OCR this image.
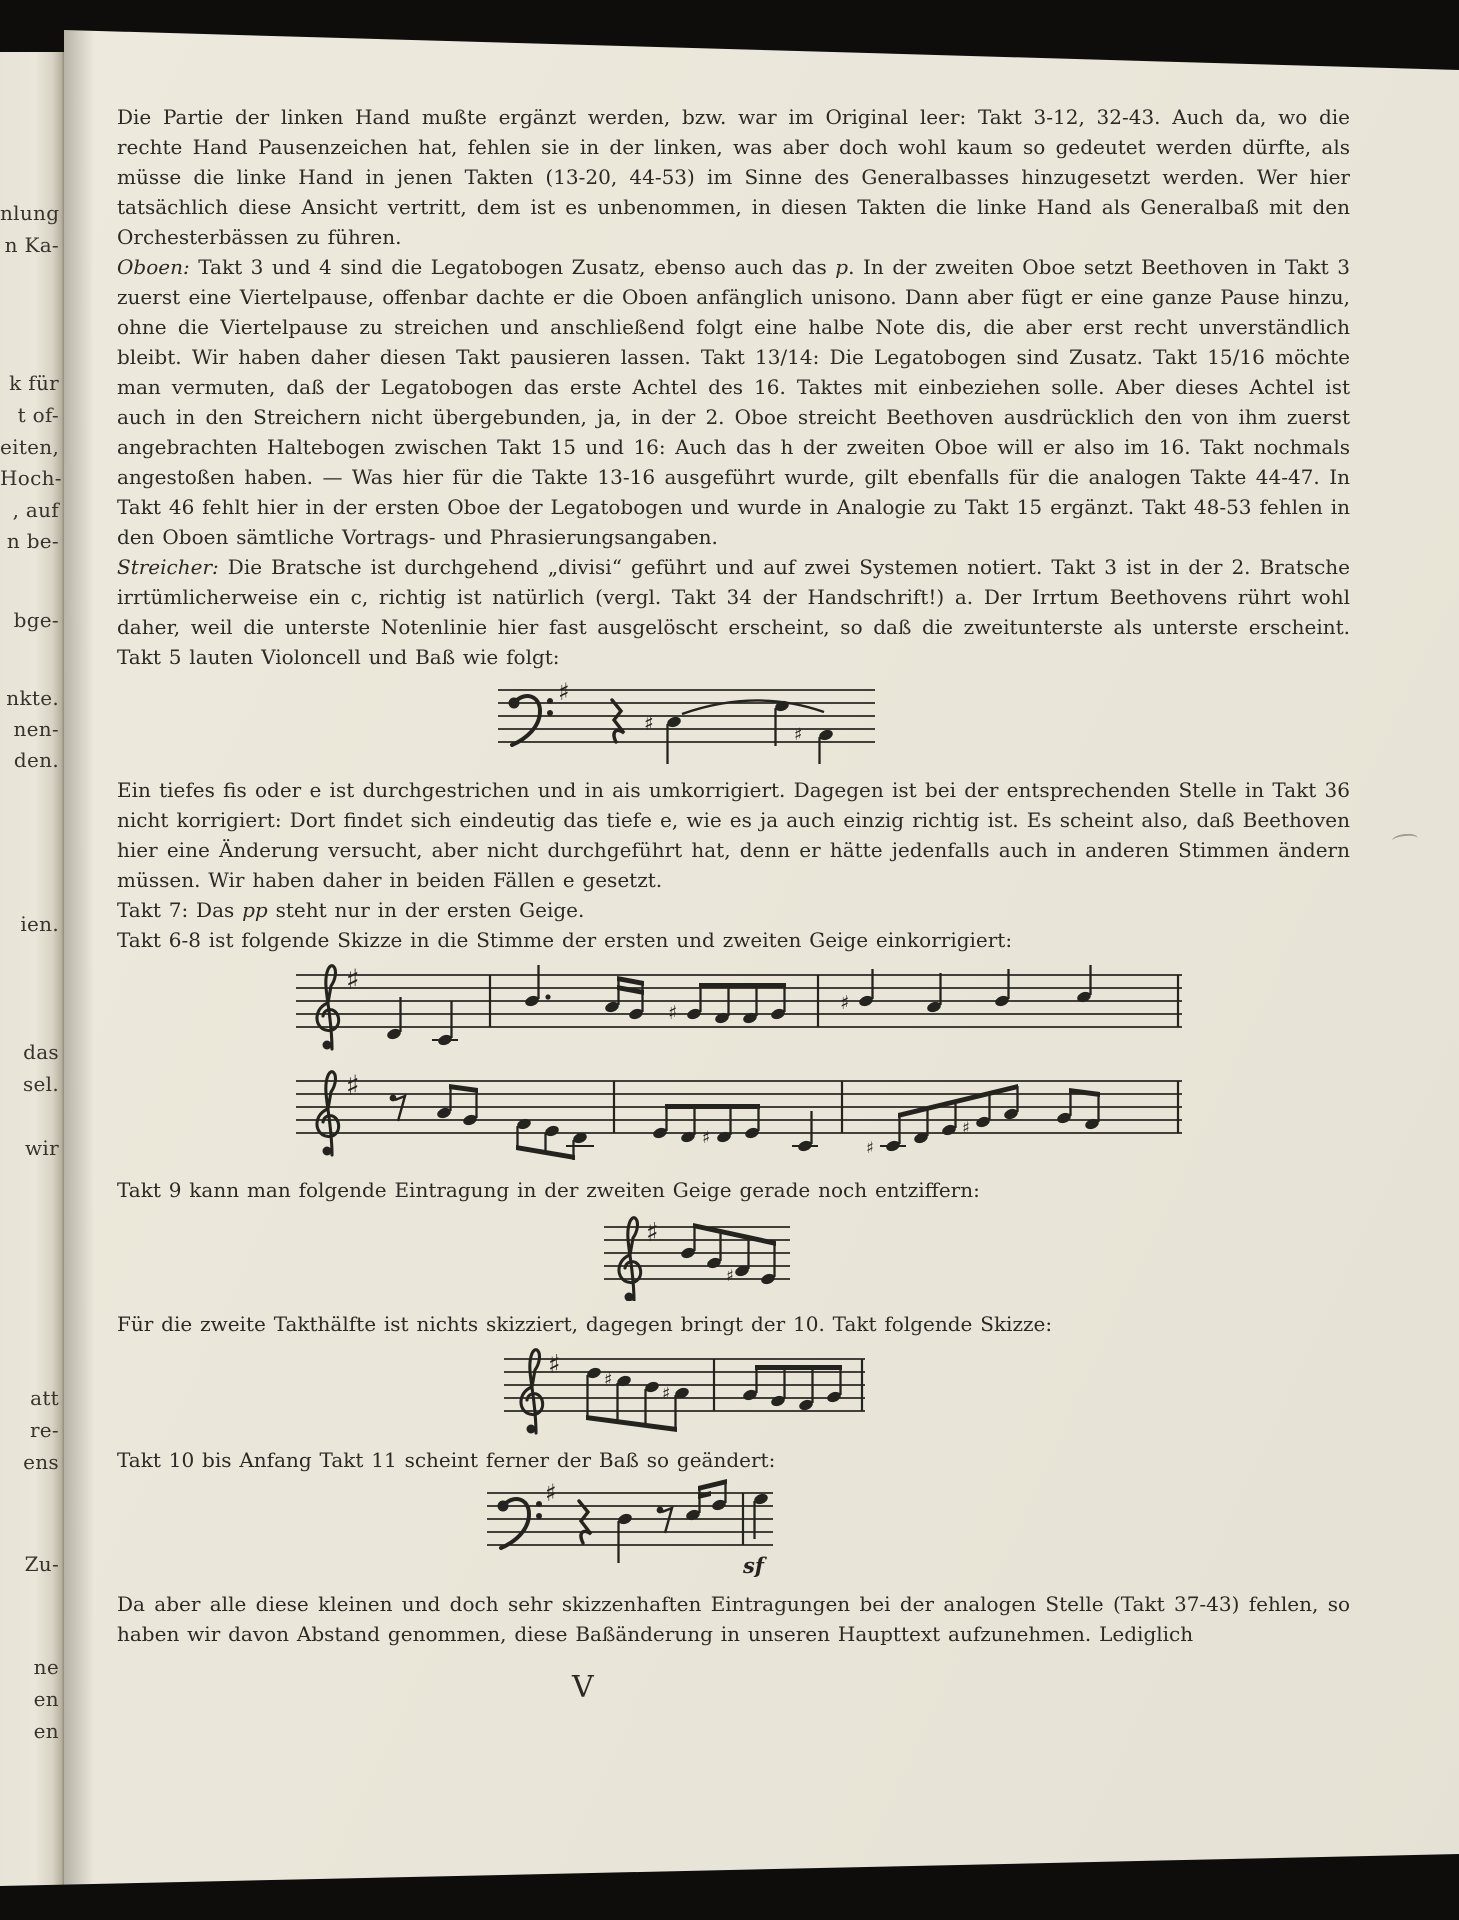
nlung
n Ka-
k für
t of-
eiten,
Hoch-
, auf
n be-
bge-
nkte.
nen-
den.
ien.
das
sel.
wir
att
re-
ens
Zu-
ne
en
en

Die Partie der linken Hand mußte ergänzt werden, bzw. war im Original leer: Takt 3-12, 32-43. Auch da, wo die rechte Hand Pausenzeichen hat, fehlen sie in der linken, was aber doch wohl kaum so gedeutet werden dürfte, als müsse die linke Hand in jenen Takten (13-20, 44-53) im Sinne des Generalbasses hinzugesetzt werden. Wer hier tatsächlich diese Ansicht vertritt, dem ist es unbenommen, in diesen Takten die linke Hand als Generalbaß mit den Orchesterbässen zu führen.

Oboen: Takt 3 und 4 sind die Legatobogen Zusatz, ebenso auch das p. In der zweiten Oboe setzt Beethoven in Takt 3 zuerst eine Viertelpause, offenbar dachte er die Oboen anfänglich unisono. Dann aber fügt er eine ganze Pause hinzu, ohne die Viertelpause zu streichen und anschließend folgt eine halbe Note dis, die aber erst recht unverständlich bleibt. Wir haben daher diesen Takt pausieren lassen. Takt 13/14: Die Legatobogen sind Zusatz. Takt 15/16 möchte man vermuten, daß der Legatobogen das erste Achtel des 16. Taktes mit einbeziehen solle. Aber dieses Achtel ist auch in den Streichern nicht übergebunden, ja, in der 2. Oboe streicht Beethoven ausdrücklich den von ihm zuerst angebrachten Haltebogen zwischen Takt 15 und 16: Auch das h der zweiten Oboe will er also im 16. Takt nochmals angestoßen haben. — Was hier für die Takte 13-16 ausgeführt wurde, gilt ebenfalls für die analogen Takte 44-47. In Takt 46 fehlt hier in der ersten Oboe der Legatobogen und wurde in Analogie zu Takt 15 ergänzt. Takt 48-53 fehlen in den Oboen sämtliche Vortrags- und Phrasierungsangaben.

Streicher: Die Bratsche ist durchgehend „divisi“ geführt und auf zwei Systemen notiert. Takt 3 ist in der 2. Bratsche irrtümlicherweise ein c, richtig ist natürlich (vergl. Takt 34 der Handschrift!) a. Der Irrtum Beethovens rührt wohl daher, weil die unterste Notenlinie hier fast ausgelöscht erscheint, so daß die zweitunterste als unterste erscheint. Takt 5 lauten Violoncell und Baß wie folgt:

♯
♯	♯

Ein tiefes fis oder e ist durchgestrichen und in ais umkorrigiert. Dagegen ist bei der entsprechenden Stelle in Takt 36 nicht korrigiert: Dort findet sich eindeutig das tiefe e, wie es ja auch einzig richtig ist. Es scheint also, daß Beethoven hier eine Änderung versucht, aber nicht durchgeführt hat, denn er hätte jedenfalls auch in anderen Stimmen ändern müssen. Wir haben daher in beiden Fällen e gesetzt.

Takt 7: Das pp steht nur in der ersten Geige.

Takt 6-8 ist folgende Skizze in die Stimme der ersten und zweiten Geige einkorrigiert:

♯
♯	♯
♯
♯	♯
♯

Takt 9 kann man folgende Eintragung in der zweiten Geige gerade noch entziffern:

♯
♯

Für die zweite Takthälfte ist nichts skizziert, dagegen bringt der 10. Takt folgende Skizze:

♯	♯
♯

Takt 10 bis Anfang Takt 11 scheint ferner der Baß so geändert:

♯
sf

Da aber alle diese kleinen und doch sehr skizzenhaften Eintragungen bei der analogen Stelle (Takt 37-43) fehlen, so haben wir davon Abstand genommen, diese Baßänderung in unseren Haupttext aufzunehmen. Lediglich

V
